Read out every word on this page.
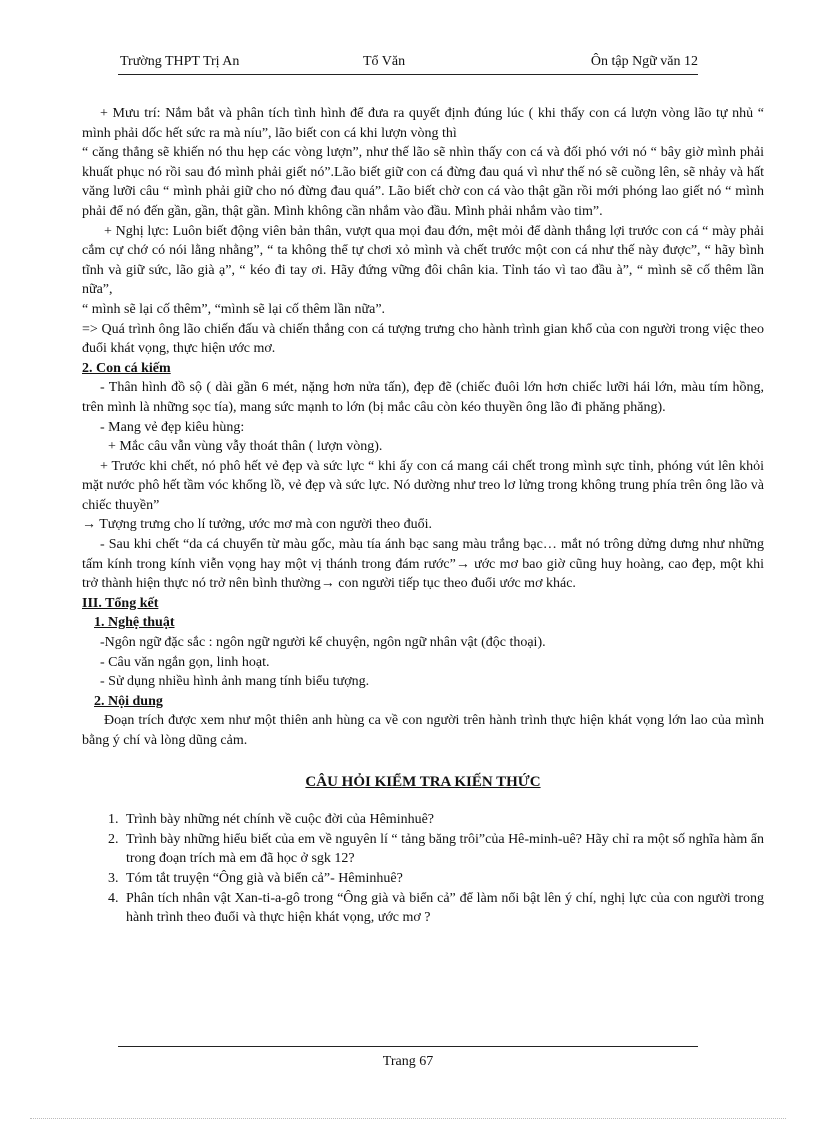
Trường THPT Trị An	Tổ Văn	Ôn tập Ngữ văn 12

+ Mưu trí: Nắm bắt và phân tích tình hình để đưa ra quyết định đúng lúc ( khi thấy con cá lượn vòng lão tự nhủ “ mình phải dốc hết sức ra mà níu”, lão biết con cá khi lượn vòng thì

“ căng thẳng sẽ khiến nó thu hẹp các vòng lượn”, như thế lão sẽ nhìn thấy con cá và đối phó với nó “ bây giờ mình phải khuất phục nó rồi sau đó mình phải giết nó”.Lão biết giữ con cá đừng đau quá vì như thế nó sẽ cuồng lên, sẽ nhảy và hất văng lưỡi câu “ mình phải giữ cho nó đừng đau quá”. Lão biết chờ con cá vào thật gần rồi mới phóng lao giết nó “ mình phải để nó đến gần, gần, thật gần. Mình không cần nhắm vào đầu. Mình phải nhắm vào tim”.

+ Nghị lực: Luôn biết động viên bản thân, vượt qua mọi đau đớn, mệt mỏi để dành thắng lợi trước con cá “ mày phải cắm cự chớ có nói lằng nhằng”, “ ta không thể tự chơi xỏ mình và chết trước một con cá như thế này được”, “ hãy bình tĩnh và giữ sức, lão già ạ”, “ kéo đi tay ơi. Hãy đứng vững đôi chân kia. Tỉnh táo vì tao đầu à”, “ mình sẽ cố thêm lần nữa”,

“ mình sẽ lại cố thêm”, “mình sẽ lại cố thêm lần nữa”.

=> Quá trình ông lão chiến đấu và chiến thắng con cá tượng trưng cho hành trình gian khổ của con người trong việc theo đuổi khát vọng, thực hiện ước mơ.

2. Con cá kiếm

- Thân hình đồ sộ ( dài gần 6 mét, nặng hơn nửa tấn), đẹp đẽ (chiếc đuôi lớn hơn chiếc lưỡi hái lớn, màu tím hồng, trên mình là những sọc tía), mang sức mạnh to lớn (bị mắc câu còn kéo thuyền ông lão đi phăng phăng).

- Mang vẻ đẹp kiêu hùng:

+ Mắc câu vẫn vùng vẫy thoát thân ( lượn vòng).

+ Trước khi chết, nó phô hết vẻ đẹp và sức lực “ khi ấy con cá mang cái chết trong mình sực tỉnh, phóng vút lên khỏi mặt nước phô hết tầm vóc khổng lồ, vẻ đẹp và sức lực. Nó dường như treo lơ lửng trong không trung phía trên ông lão và chiếc thuyền”

→ Tượng trưng cho lí tưởng, ước mơ mà con người theo đuổi.

- Sau khi chết “da cá chuyển từ màu gốc, màu tía ánh bạc sang màu trắng bạc… mắt nó trông dửng dưng như những tấm kính trong kính viễn vọng hay một vị thánh trong đám rước”→ ước mơ bao giờ cũng huy hoàng, cao đẹp, một khi trở thành hiện thực nó trở nên bình thường→ con người tiếp tục theo đuổi ước mơ khác.

III. Tổng kết

1. Nghệ thuật

-Ngôn ngữ đặc sắc : ngôn ngữ người kể chuyện, ngôn ngữ nhân vật (độc thoại).

- Câu văn ngắn gọn, linh hoạt.

- Sử dụng nhiều hình ảnh mang tính biểu tượng.

2. Nội dung

Đoạn trích được xem như một thiên anh hùng ca về con người trên hành trình thực hiện khát vọng lớn lao của mình bằng ý chí và lòng dũng cảm.

CÂU HỎI KIỂM TRA KIẾN THỨC
1. Trình bày những nét chính về cuộc đời của Hêminhuê?
2. Trình bày những hiểu biết của em về nguyên lí “ tảng băng trôi”của Hê-minh-uê? Hãy chỉ ra một số nghĩa hàm ẩn trong đoạn trích mà em đã học ở sgk 12?
3. Tóm tắt truyện “Ông già và biển cả”- Hêminhuê?
4. Phân tích nhân vật Xan-ti-a-gô trong “Ông già và biển cả” để làm nổi bật lên ý chí, nghị lực của con người trong hành trình theo đuổi và thực hiện khát vọng, ước mơ ?
Trang 67
